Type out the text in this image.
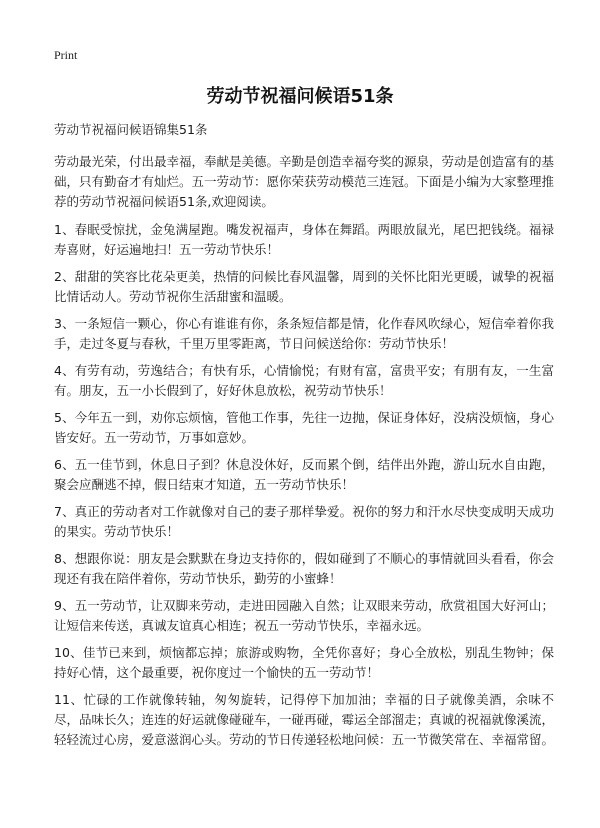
Print
劳动节祝福问候语51条

劳动节祝福问候语锦集51条

劳动最光荣，付出最幸福，奉献是美德。辛勤是创造幸福夸奖的源泉，劳动是创造富有的基础，只有勤奋才有灿烂。五一劳动节：愿你荣获劳动模范三连冠。下面是小编为大家整理推荐的劳动节祝福问候语51条,欢迎阅读。

1、春眠受惊扰，金兔满屋跑。嘴发祝福声，身体在舞蹈。两眼放鼠光，尾巴把钱绕。福禄寿喜财，好运遍地扫！五一劳动节快乐！
2、甜甜的笑容比花朵更美，热情的问候比春风温馨，周到的关怀比阳光更暖，诚挚的祝福比情话动人。劳动节祝你生活甜蜜和温暖。
3、一条短信一颗心，你心有谁谁有你，条条短信都是情，化作春风吹绿心，短信牵着你我手，走过冬夏与春秋，千里万里零距离，节日问候送给你：劳动节快乐！
4、有劳有动，劳逸结合；有快有乐，心情愉悦；有财有富，富贵平安；有朋有友，一生富有。朋友，五一小长假到了，好好休息放松，祝劳动节快乐！
5、今年五一到，劝你忘烦恼，管他工作事，先往一边抛，保证身体好，没病没烦恼，身心皆安好。五一劳动节，万事如意妙。
6、五一佳节到，休息日子到？休息没休好，反而累个倒，结伴出外跑，游山玩水自由跑，聚会应酬逃不掉，假日结束才知道，五一劳动节快乐！
7、真正的劳动者对工作就像对自己的妻子那样挚爱。祝你的努力和汗水尽快变成明天成功的果实。劳动节快乐！
8、想跟你说：朋友是会默默在身边支持你的，假如碰到了不顺心的事情就回头看看，你会现还有我在陪伴着你，劳动节快乐，勤劳的小蜜蜂！
9、五一劳动节，让双脚来劳动，走进田园融入自然；让双眼来劳动，欣赏祖国大好河山；让短信来传送，真诚友谊真心相连；祝五一劳动节快乐，幸福永远。
10、佳节已来到，烦恼都忘掉；旅游或购物，全凭你喜好；身心全放松，别乱生物钟；保持好心情，这个最重要，祝你度过一个愉快的五一劳动节！
11、忙碌的工作就像转轴，匆匆旋转，记得停下加加油；幸福的日子就像美酒，余味不尽，品味长久；连连的好运就像碰碰车，一碰再碰，霉运全部溜走；真诚的祝福就像溪流，轻轻流过心房，爱意滋润心头。劳动的节日传递轻松地问候：五一节微笑常在、幸福常留。
